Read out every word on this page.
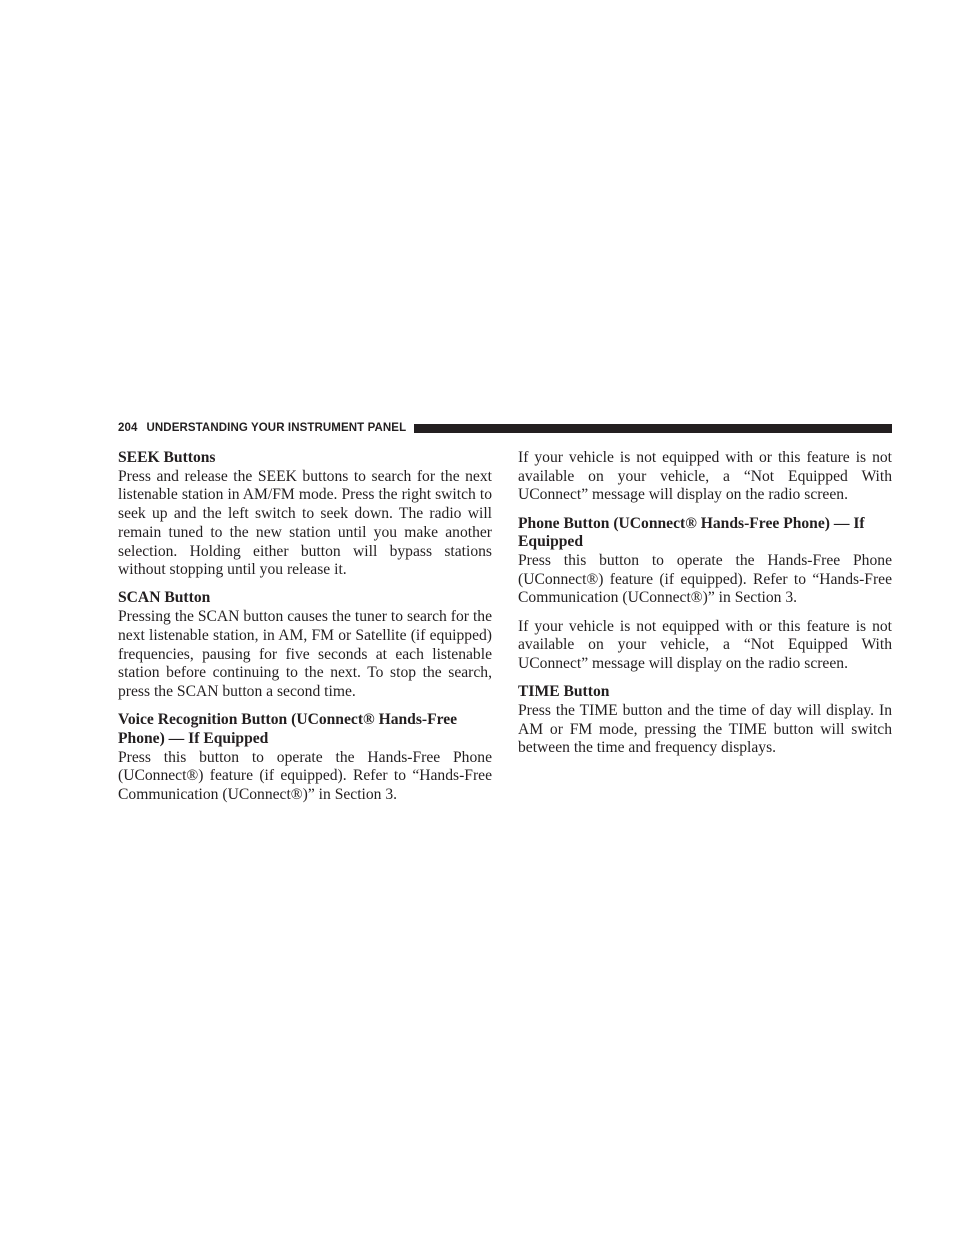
204 UNDERSTANDING YOUR INSTRUMENT PANEL
SEEK Buttons

Press and release the SEEK buttons to search for the next listenable station in AM/FM mode. Press the right switch to seek up and the left switch to seek down. The radio will remain tuned to the new station until you make another selection. Holding either button will bypass stations without stopping until you release it.

SCAN Button

Pressing the SCAN button causes the tuner to search for the next listenable station, in AM, FM or Satellite (if equipped) frequencies, pausing for five seconds at each listenable station before continuing to the next. To stop the search, press the SCAN button a second time.

Voice Recognition Button (UConnect® Hands-Free Phone) — If Equipped

Press this button to operate the Hands-Free Phone (UConnect®) feature (if equipped). Refer to “Hands-Free Communication (UConnect®)” in Section 3.

If your vehicle is not equipped with or this feature is not available on your vehicle, a “Not Equipped With UConnect” message will display on the radio screen.

Phone Button (UConnect® Hands-Free Phone) — If Equipped

Press this button to operate the Hands-Free Phone (UConnect®) feature (if equipped). Refer to “Hands-Free Communication (UConnect®)” in Section 3.

If your vehicle is not equipped with or this feature is not available on your vehicle, a “Not Equipped With UConnect” message will display on the radio screen.

TIME Button

Press the TIME button and the time of day will display. In AM or FM mode, pressing the TIME button will switch between the time and frequency displays.
